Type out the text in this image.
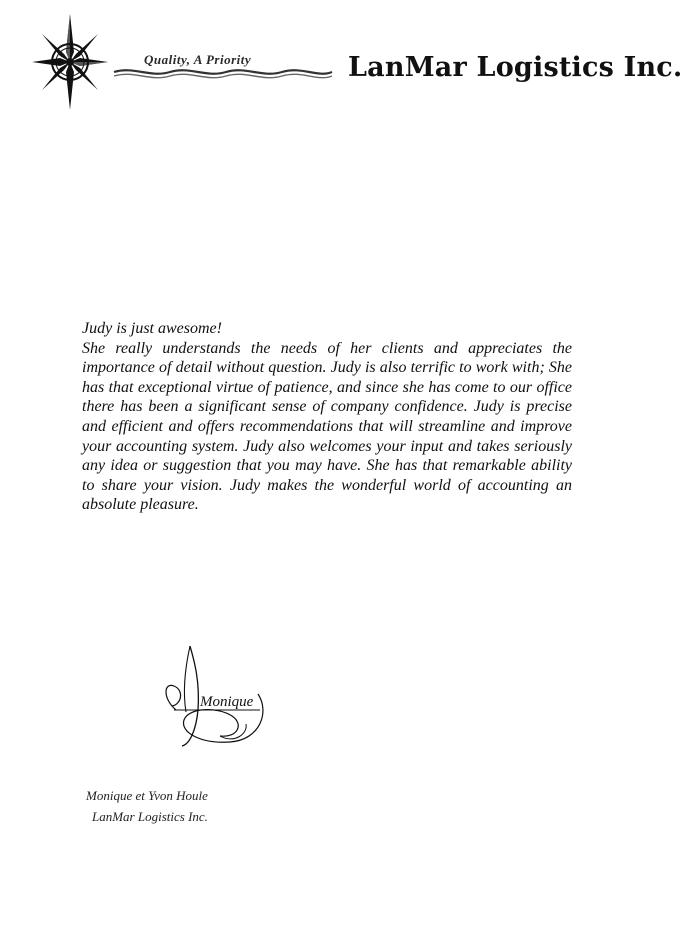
Quality, A Priority	LanMar Logistics Inc.

Judy is just awesome!

She really understands the needs of her clients and appreciates the importance of detail without question. Judy is also terrific to work with; She has that exceptional virtue of patience, and since she has come to our office there has been a significant sense of company confidence. Judy is precise and efficient and offers recommendations that will streamline and improve your accounting system. Judy also welcomes your input and takes seriously any idea or suggestion that you may have. She has that remarkable ability to share your vision. Judy makes the wonderful world of accounting an absolute pleasure.

Monique
Monique et Yvon Houle
LanMar Logistics Inc.
